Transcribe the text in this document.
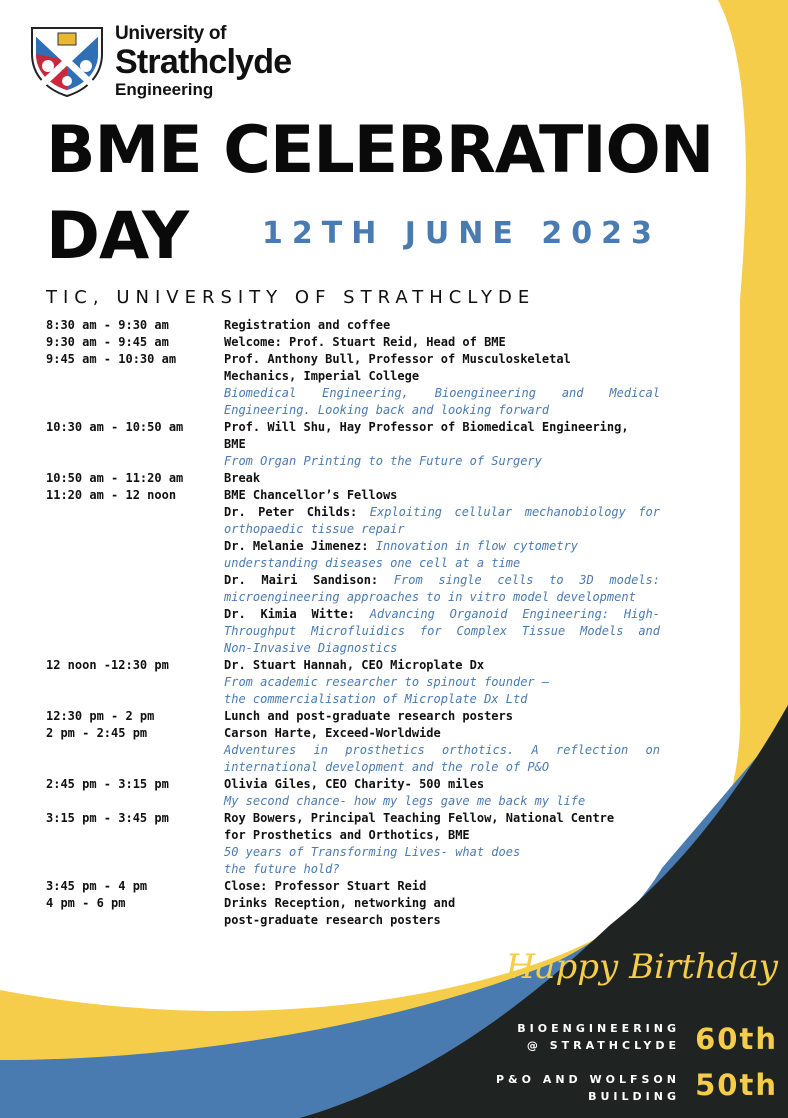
University of
Strathclyde
Engineering
BME CELEBRATION
DAY 12TH JUNE 2023
TIC, UNIVERSITY OF STRATHCLYDE
8:30 am - 9:30 am	Registration and coffee
9:30 am - 9:45 am	Welcome: Prof. Stuart Reid, Head of BME
9:45 am - 10:30 am	Prof. Anthony Bull, Professor of Musculoskeletal
Mechanics, Imperial College
Biomedical Engineering, Bioengineering and Medical
Engineering. Looking back and looking forward
10:30 am - 10:50 am	Prof. Will Shu, Hay Professor of Biomedical Engineering,
BME
From Organ Printing to the Future of Surgery
10:50 am - 11:20 am	Break
11:20 am - 12 noon	BME Chancellor’s Fellows
Dr. Peter Childs: Exploiting cellular mechanobiology for
orthopaedic tissue repair
Dr. Melanie Jimenez: Innovation in flow cytometry
understanding diseases one cell at a time
Dr. Mairi Sandison: From single cells to 3D models:
microengineering approaches to in vitro model development
Dr. Kimia Witte: Advancing Organoid Engineering: High-
Throughput Microfluidics for Complex Tissue Models and
Non-Invasive Diagnostics
12 noon -12:30 pm	Dr. Stuart Hannah, CEO Microplate Dx
From academic researcher to spinout founder –
the commercialisation of Microplate Dx Ltd
12:30 pm - 2 pm	Lunch and post-graduate research posters
2 pm - 2:45 pm	Carson Harte, Exceed-Worldwide
Adventures in prosthetics orthotics. A reflection on
international development and the role of P&O
2:45 pm - 3:15 pm	Olivia Giles, CEO Charity- 500 miles
My second chance- how my legs gave me back my life
3:15 pm - 3:45 pm	Roy Bowers, Principal Teaching Fellow, National Centre
for Prosthetics and Orthotics, BME
50 years of Transforming Lives- what does
the future hold?
3:45 pm - 4 pm	Close: Professor Stuart Reid
4 pm - 6 pm	Drinks Reception, networking and
post-graduate research posters
Happy Birthday
BIOENGINEERING
@ STRATHCLYDE 60th
P&O AND WOLFSON
BUILDING 50th
